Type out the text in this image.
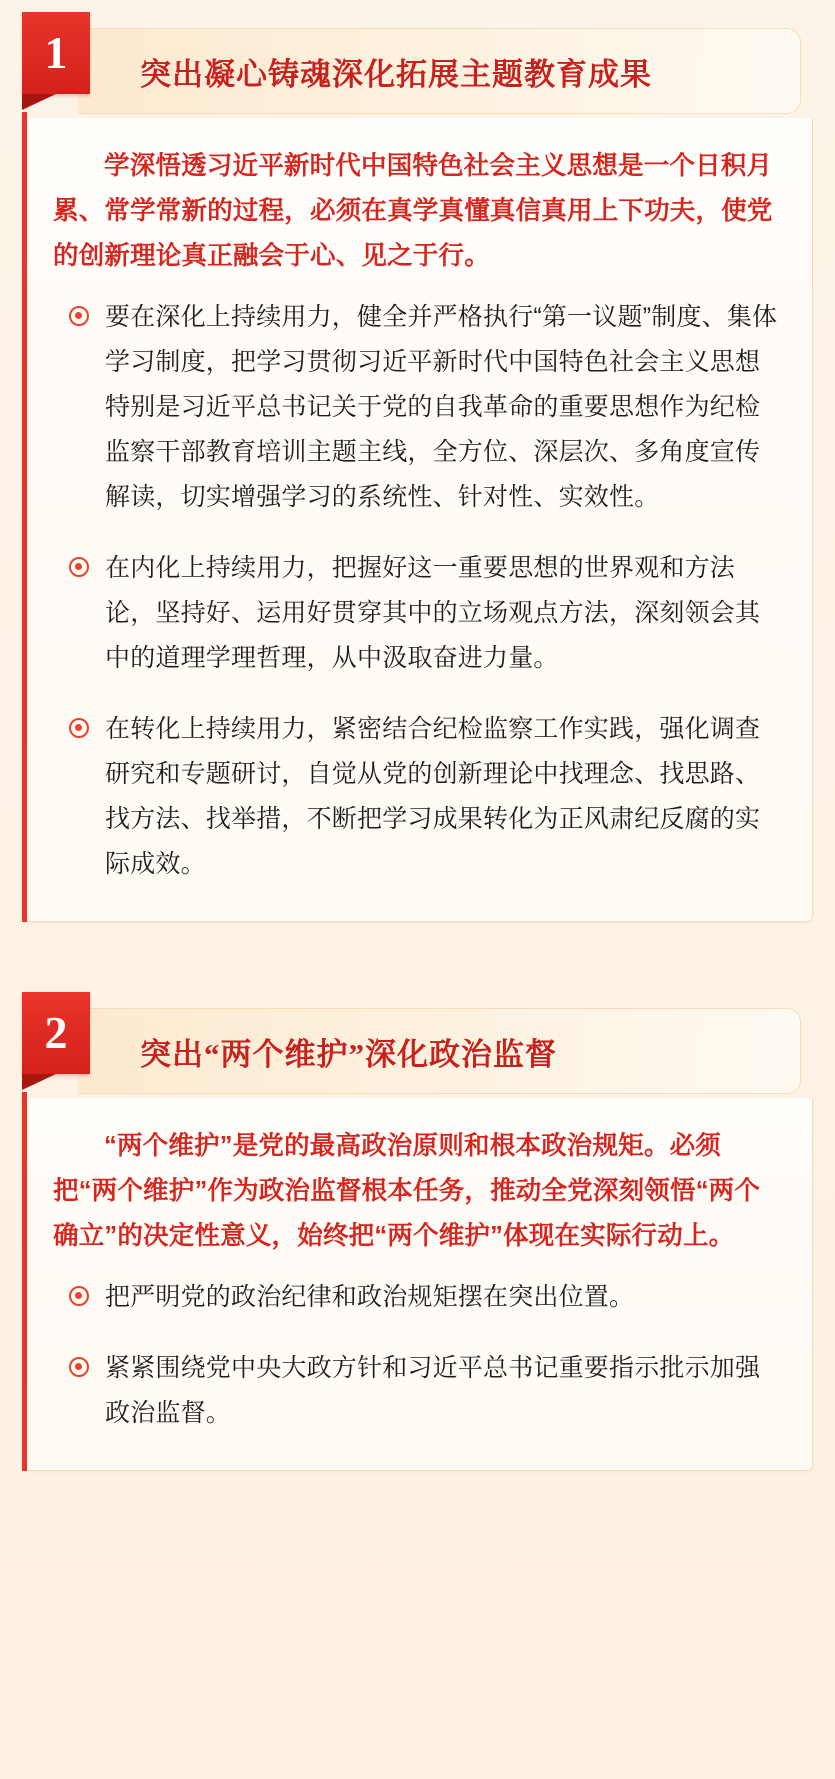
1	突出凝心铸魂深化拓展主题教育成果

学深悟透习近平新时代中国特色社会主义思想是一个日积月累、常学常新的过程，必须在真学真懂真信真用上下功夫，使党的创新理论真正融会于心、见之于行。

要在深化上持续用力，健全并严格执行“第一议题”制度、集体学习制度，把学习贯彻习近平新时代中国特色社会主义思想特别是习近平总书记关于党的自我革命的重要思想作为纪检监察干部教育培训主题主线，全方位、深层次、多角度宣传解读，切实增强学习的系统性、针对性、实效性。
在内化上持续用力，把握好这一重要思想的世界观和方法论，坚持好、运用好贯穿其中的立场观点方法，深刻领会其中的道理学理哲理，从中汲取奋进力量。
在转化上持续用力，紧密结合纪检监察工作实践，强化调查研究和专题研讨，自觉从党的创新理论中找理念、找思路、找方法、找举措，不断把学习成果转化为正风肃纪反腐的实际成效。
2	突出“两个维护”深化政治监督

“两个维护”是党的最高政治原则和根本政治规矩。必须把“两个维护”作为政治监督根本任务，推动全党深刻领悟“两个确立”的决定性意义，始终把“两个维护”体现在实际行动上。

把严明党的政治纪律和政治规矩摆在突出位置。
紧紧围绕党中央大政方针和习近平总书记重要指示批示加强政治监督。
